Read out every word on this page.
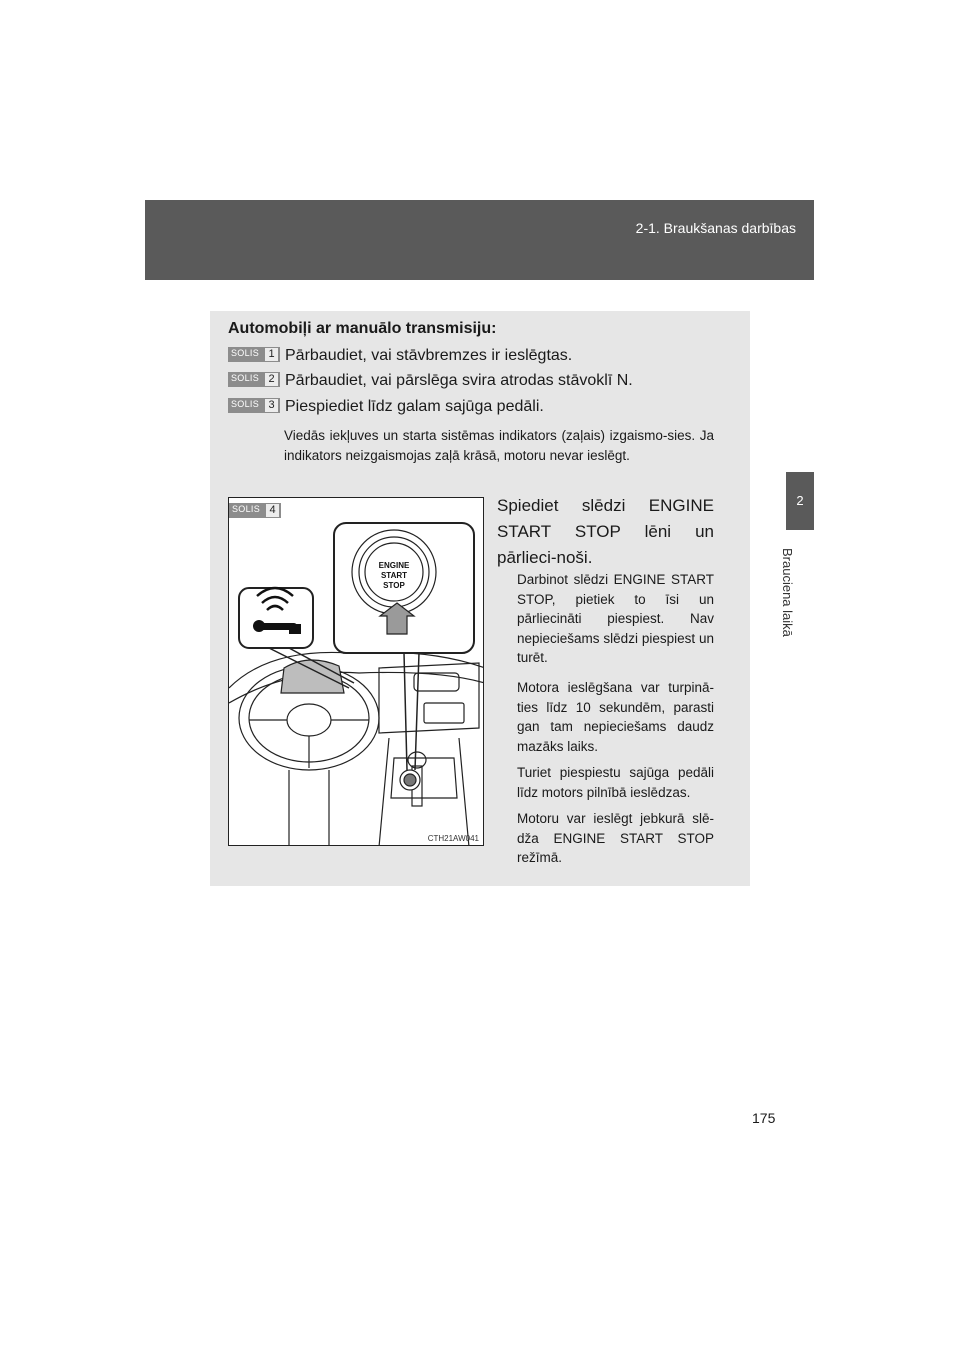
2-1. Braukšanas darbības
2
Brauciena laikā
Automobiļi ar manuālo transmisiju:
SOLIS 1 Pārbaudiet, vai stāvbremzes ir ieslēgtas.
SOLIS 2 Pārbaudiet, vai pārslēga svira atrodas stāvoklī N.
SOLIS 3 Piespiediet līdz galam sajūga pedāli.
Viedās iekļuves un starta sistēmas indikators (zaļais) izgaismo-sies. Ja indikators neizgaismojas zaļā krāsā, motoru nevar ieslēgt.
ENGINE
START
STOP
SOLIS 4
CTH21AW041
Spiediet slēdzi ENGINE START STOP lēni un pārlieci-noši.
Darbinot slēdzi ENGINE START STOP, pietiek to īsi un pārliecināti piespiest. Nav nepieciešams slēdzi piespiest un turēt.
Motora ieslēgšana var turpinā-ties līdz 10 sekundēm, parasti gan tam nepieciešams daudz mazāks laiks.
Turiet piespiestu sajūga pedāli līdz motors pilnībā ieslēdzas.
Motoru var ieslēgt jebkurā slē-dža ENGINE START STOP režīmā.
175
